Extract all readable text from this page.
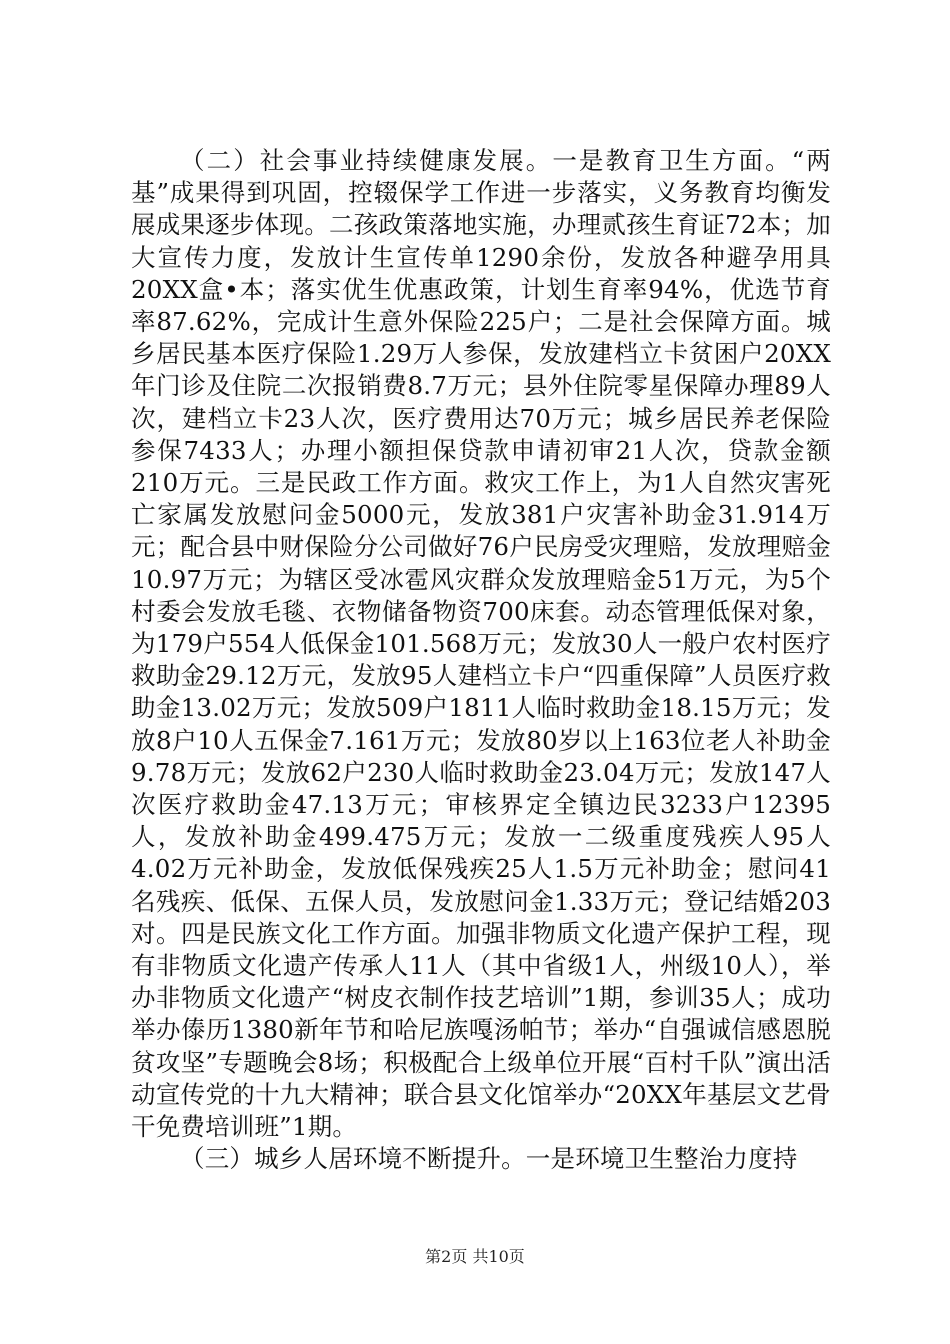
（二）社会事业持续健康发展。一是教育卫生方面。“两基”成果得到巩固，控辍保学工作进一步落实，义务教育均衡发展成果逐步体现。二孩政策落地实施，办理贰孩生育证72本；加大宣传力度，发放计生宣传单1290余份，发放各种避孕用具20XX盒•本；落实优生优惠政策，计划生育率94%，优选节育率87.62%，完成计生意外保险225户；二是社会保障方面。城乡居民基本医疗保险1.29万人参保，发放建档立卡贫困户20XX年门诊及住院二次报销费8.7万元；县外住院零星保障办理89人次，建档立卡23人次，医疗费用达70万元；城乡居民养老保险参保7433人；办理小额担保贷款申请初审21人次，贷款金额210万元。三是民政工作方面。救灾工作上，为1人自然灾害死亡家属发放慰问金5000元，发放381户灾害补助金31.914万元；配合县中财保险分公司做好76户民房受灾理赔，发放理赔金10.97万元；为辖区受冰雹风灾群众发放理赔金51万元，为5个村委会发放毛毯、衣物储备物资700床套。动态管理低保对象，为179户554人低保金101.568万元；发放30人一般户农村医疗救助金29.12万元，发放95人建档立卡户“四重保障”人员医疗救助金13.02万元；发放509户1811人临时救助金18.15万元；发放8户10人五保金7.161万元；发放80岁以上163位老人补助金9.78万元；发放62户230人临时救助金23.04万元；发放147人次医疗救助金47.13万元；审核界定全镇边民3233户12395人，发放补助金499.475万元；发放一二级重度残疾人95人4.02万元补助金，发放低保残疾25人1.5万元补助金；慰问41名残疾、低保、五保人员，发放慰问金1.33万元；登记结婚203对。四是民族文化工作方面。加强非物质文化遗产保护工程，现有非物质文化遗产传承人11人（其中省级1人，州级10人），举办非物质文化遗产“树皮衣制作技艺培训”1期，参训35人；成功举办傣历1380新年节和哈尼族嘎汤帕节；举办“自强诚信感恩脱贫攻坚”专题晚会8场；积极配合上级单位开展“百村千队”演出活动宣传党的十九大精神；联合县文化馆举办“20XX年基层文艺骨干免费培训班”1期。

（三）城乡人居环境不断提升。一是环境卫生整治力度持

第2页 共10页
